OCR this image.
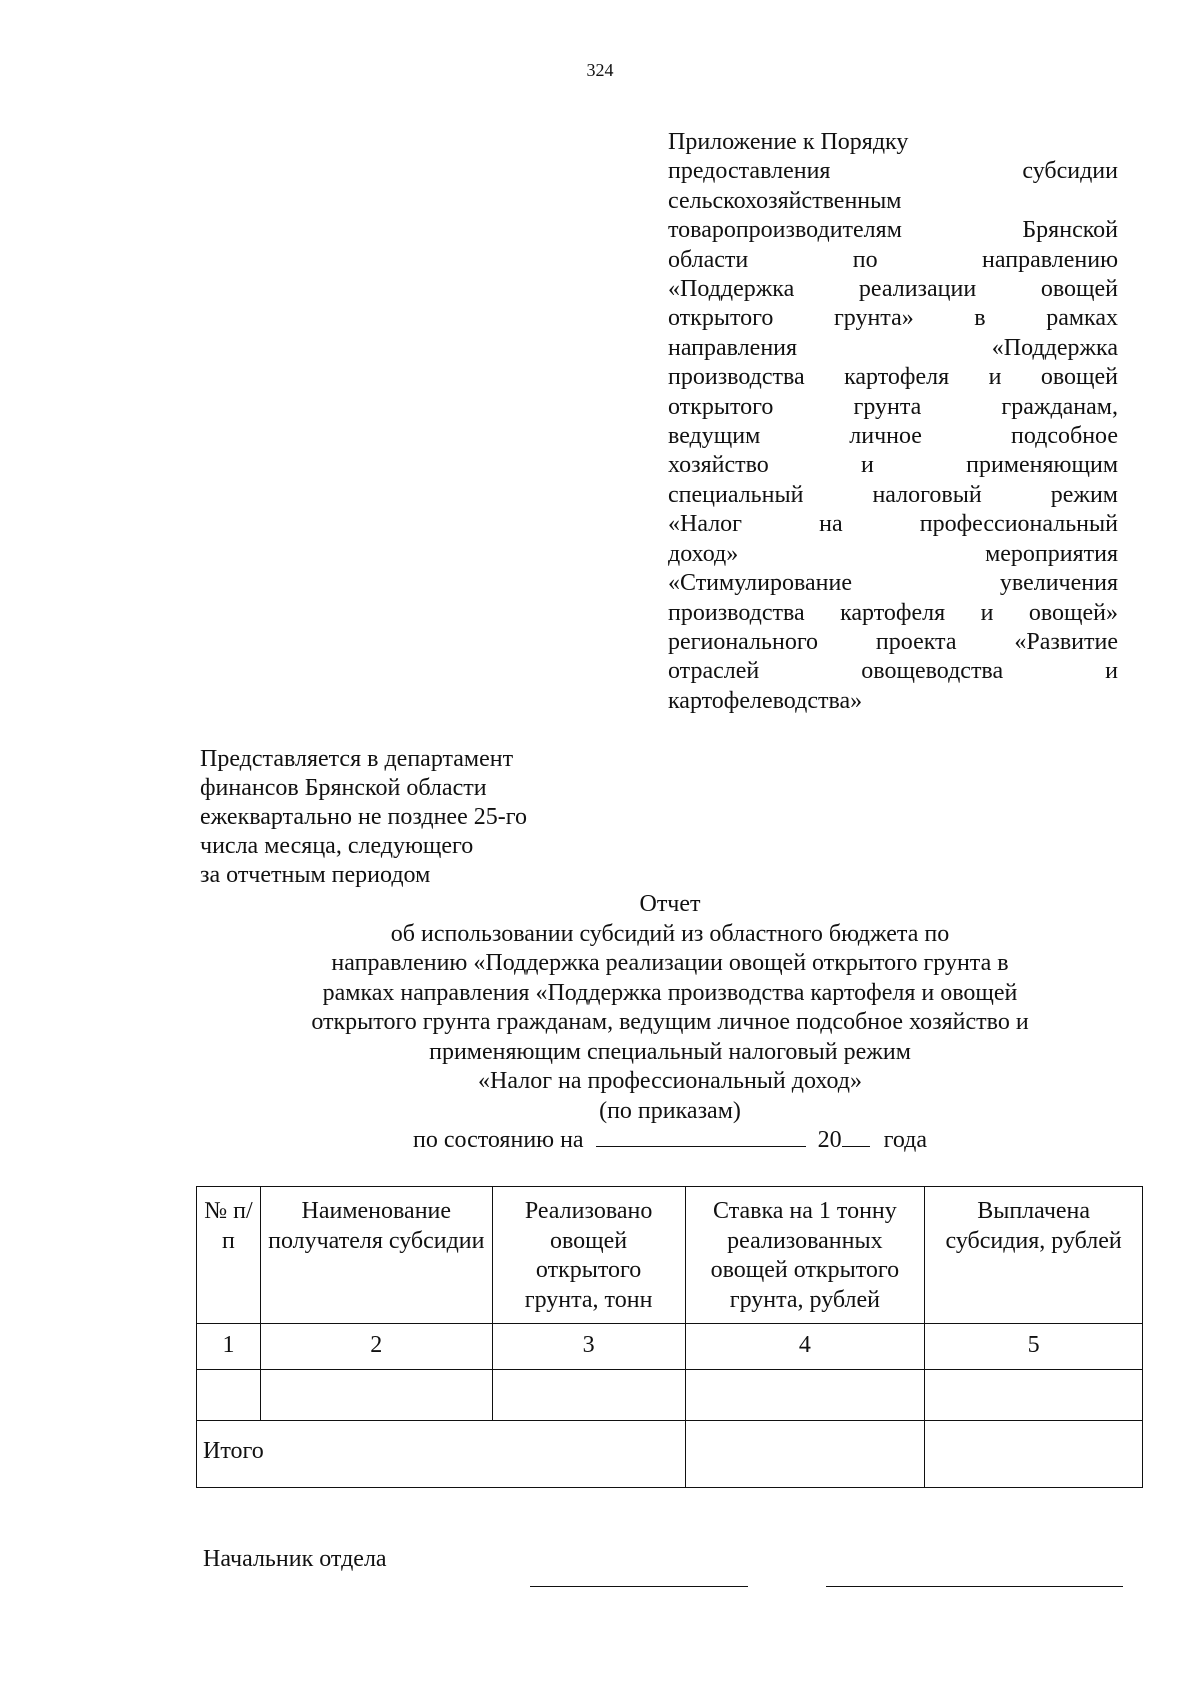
324
Приложение к Порядку
предоставления субсидии
сельскохозяйственным
товаропроизводителям Брянской
области по направлению
«Поддержка реализации овощей
открытого грунта» в рамках
направления «Поддержка
производства картофеля и овощей
открытого грунта гражданам,
ведущим личное подсобное
хозяйство и применяющим
специальный налоговый режим
«Налог на профессиональный
доход» мероприятия
«Стимулирование увеличения
производства картофеля и овощей»
регионального проекта «Развитие
отраслей овощеводства и
картофелеводства»
Представляется в департамент
финансов Брянской области
ежеквартально не позднее 25-го
числа месяца, следующего
за отчетным периодом
Отчет
об использовании субсидий из областного бюджета по
направлению «Поддержка реализации овощей открытого грунта в
рамках направления «Поддержка производства картофеля и овощей
открытого грунта гражданам, ведущим личное подсобное хозяйство и
применяющим специальный налоговый режим
«Налог на профессиональный доход»
(по приказам)
по состоянию на	20 года
№ п/п	Наименование получателя субсидии	Реализовано овощей открытого грунта, тонн	Ставка на 1 тонну реализованных овощей открытого грунта, рублей	Выплачена субсидия, рублей
1	2	3	4	5

Итого				
Начальник отдела
